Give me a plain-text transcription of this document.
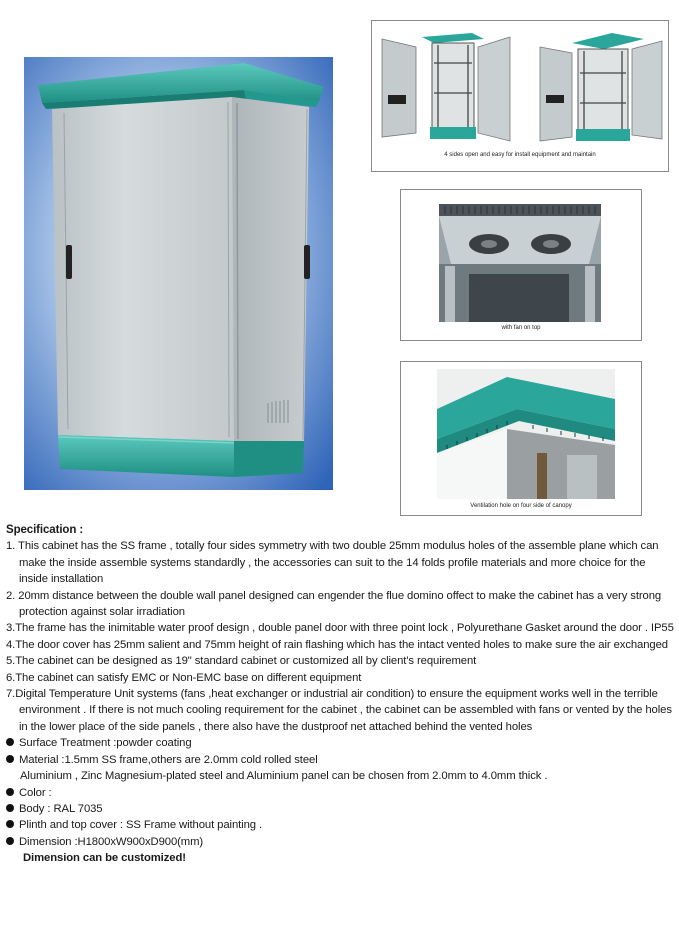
4 sides open and easy for install equipment and maintain
with fan on top
Ventilation hole on four side of canopy

Specification :

1. This cabinet has the SS frame , totally four sides symmetry with two double 25mm modulus holes of the assemble plane which can make the inside assemble systems standardly , the accessories can suit to the 14 folds profile materials and more choice for the inside installation

2. 20mm distance between the double wall panel designed can engender the flue domino offect to make the cabinet has a very strong protection against solar irradiation

3.The frame has the inimitable water proof design , double panel door with three point lock , Polyurethane Gasket around the door . IP55

4.The door cover has 25mm salient and 75mm height of rain flashing which has the intact vented holes to make sure the air exchanged

5.The cabinet can be designed as 19" standard cabinet or customized all by client's requirement

6.The cabinet can satisfy EMC or Non-EMC base on different equipment

7.Digital Temperature Unit systems (fans ,heat exchanger or industrial air condition) to ensure the equipment works well in the terrible environment . If there is not much cooling requirement for the cabinet , the cabinet can be assembled with fans or vented by the holes in the lower place of the side panels , there also have the dustproof net attached behind the vented holes

Surface Treatment :powder coating

Material :1.5mm SS frame,others are 2.0mm cold rolled steel

Aluminium , Zinc Magnesium-plated steel and Aluminium panel can be chosen from 2.0mm to 4.0mm thick .

Color :

Body : RAL 7035

Plinth and top cover : SS Frame without painting .

Dimension :H1800xW900xD900(mm)

Dimension can be customized!
